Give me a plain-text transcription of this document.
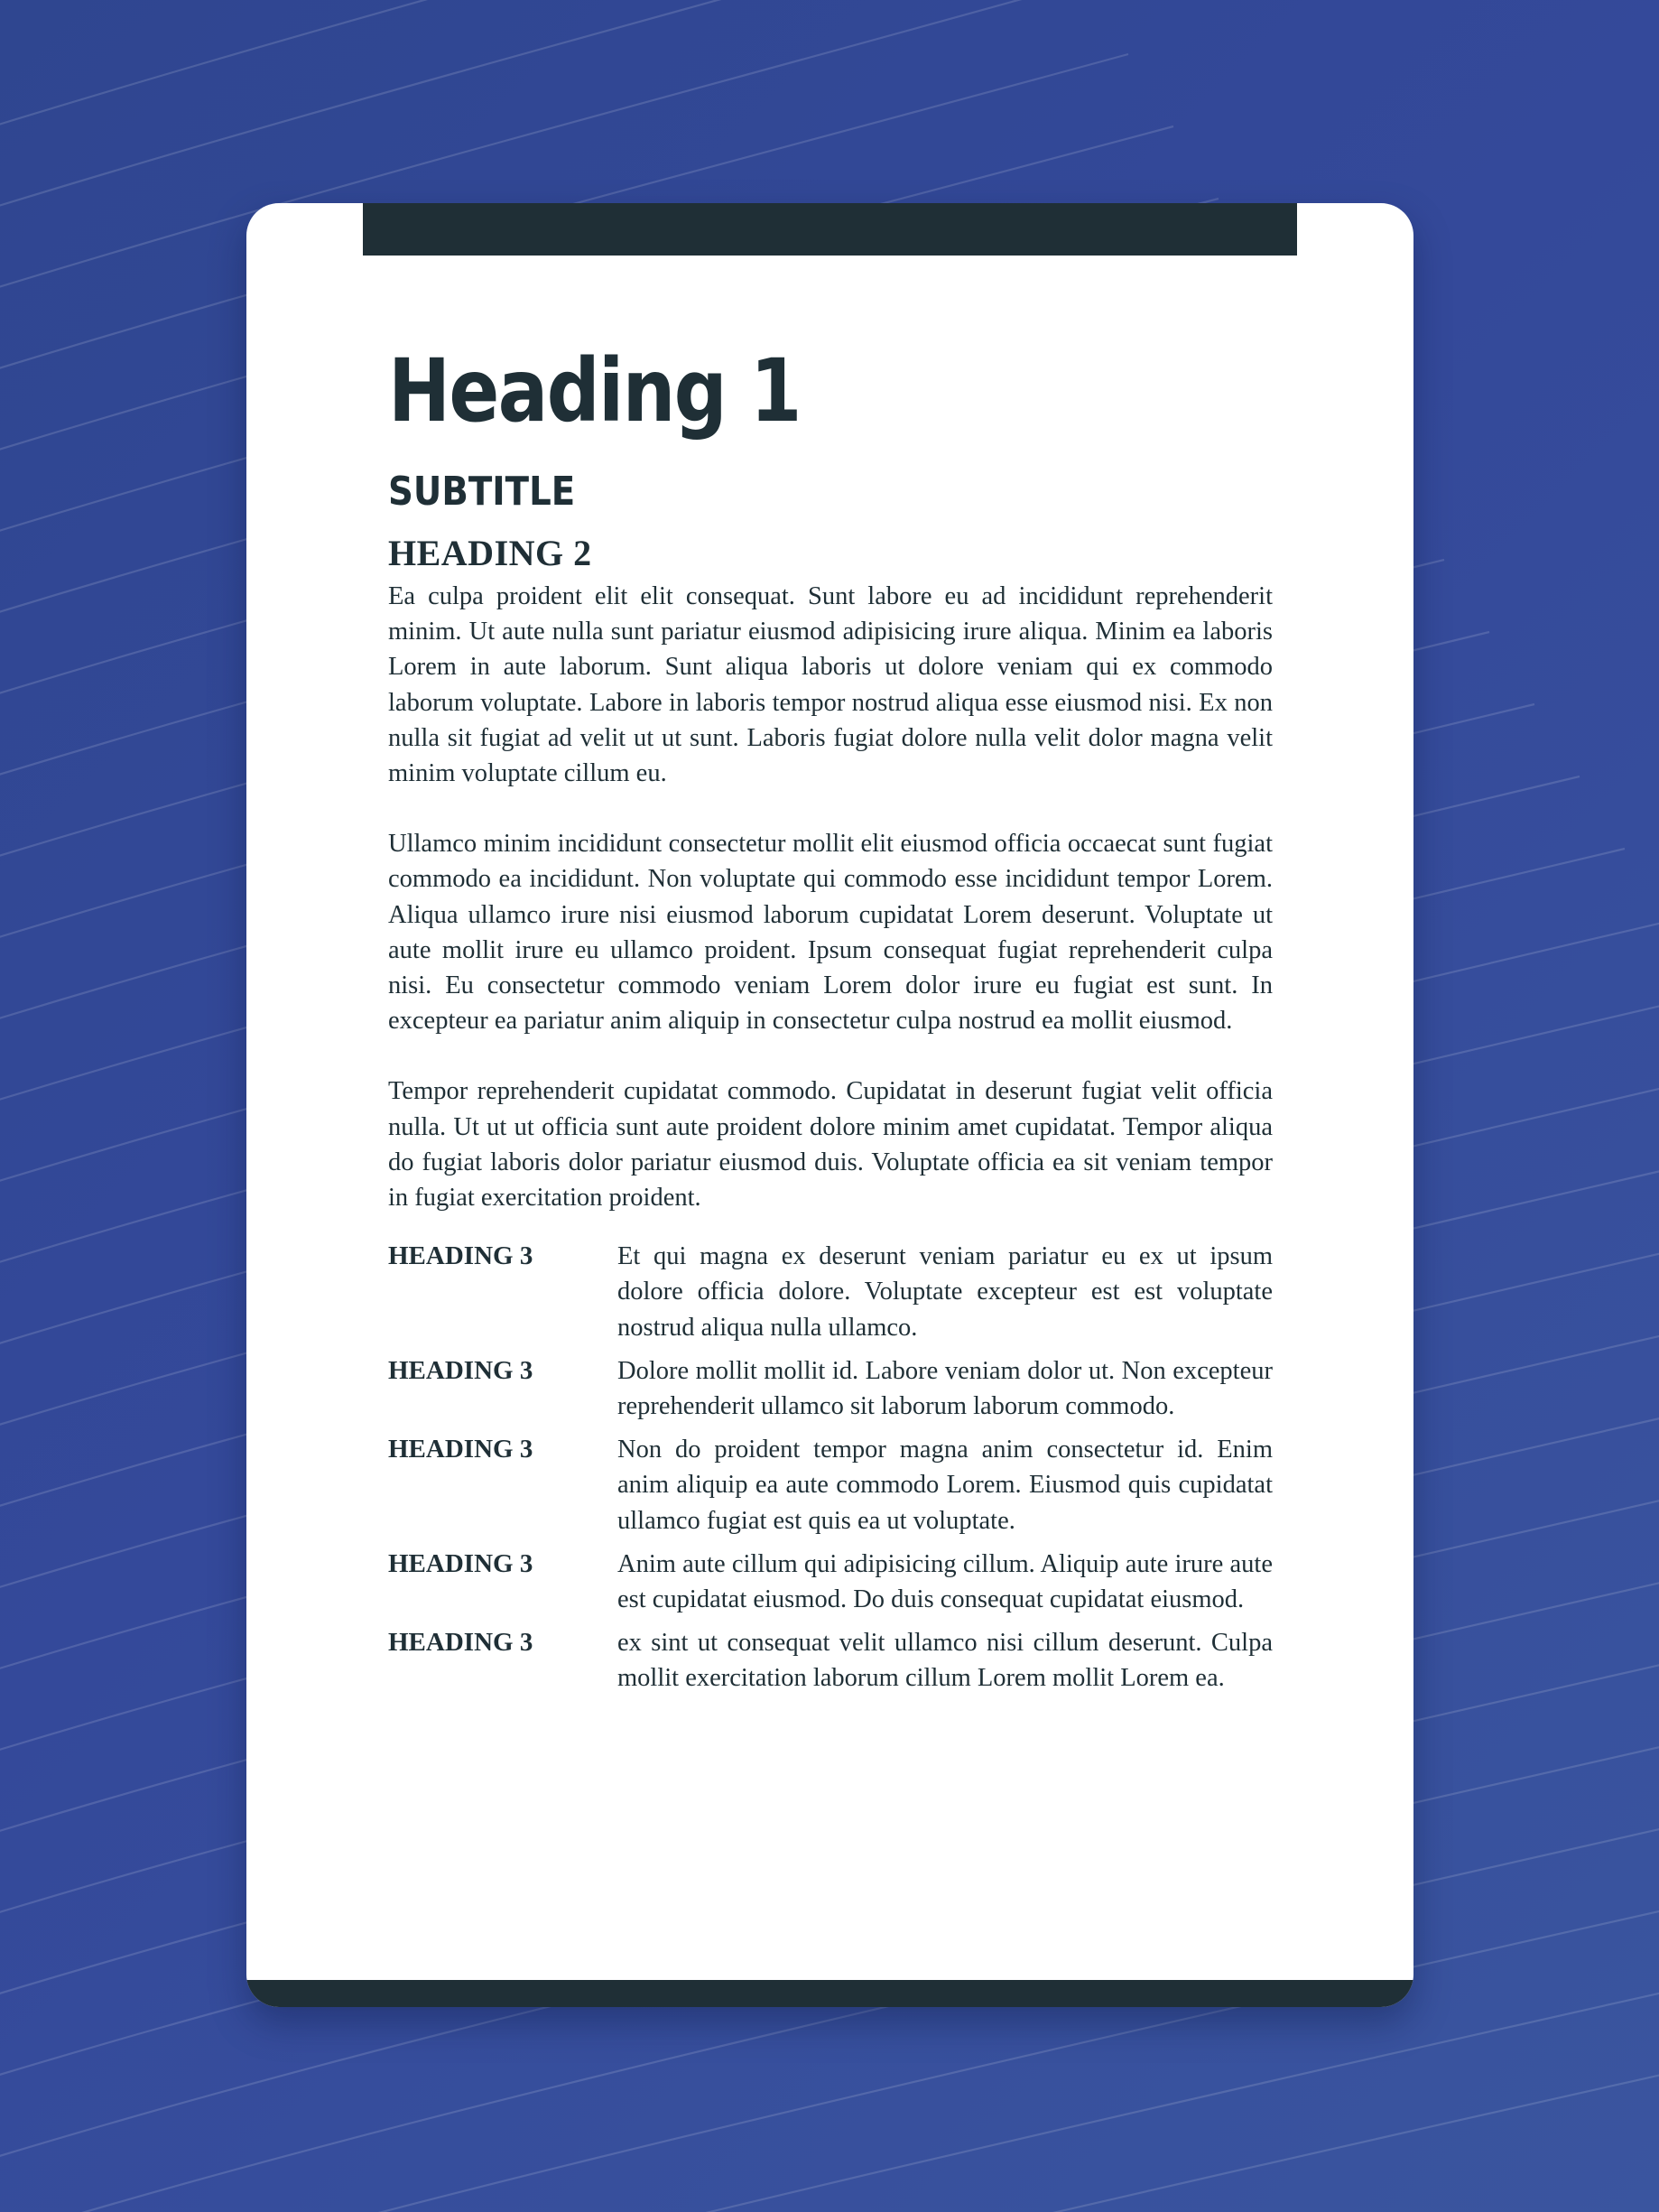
Heading 1
SUBTITLE
HEADING 2

Ea culpa proident elit elit consequat. Sunt labore eu ad incididunt reprehenderit minim. Ut aute nulla sunt pariatur eiusmod adipisicing irure aliqua. Minim ea laboris Lorem in aute laborum. Sunt aliqua laboris ut dolore veniam qui ex commodo laborum voluptate. Labore in laboris tempor nostrud aliqua esse eiusmod nisi. Ex non nulla sit fugiat ad velit ut ut sunt. Laboris fugiat dolore nulla velit dolor magna velit minim voluptate cillum eu.

Ullamco minim incididunt consectetur mollit elit eiusmod officia occaecat sunt fugiat commodo ea incididunt. Non voluptate qui commodo esse incididunt tempor Lorem. Aliqua ullamco irure nisi eiusmod laborum cupidatat Lorem deserunt. Voluptate ut aute mollit irure eu ullamco proident. Ipsum consequat fugiat reprehenderit culpa nisi. Eu consectetur commodo veniam Lorem dolor irure eu fugiat est sunt. In excepteur ea pariatur anim aliquip in consectetur culpa nostrud ea mollit eiusmod.

Tempor reprehenderit cupidatat commodo. Cupidatat in deserunt fugiat velit officia nulla. Ut ut ut officia sunt aute proident dolore minim amet cupidatat. Tempor aliqua do fugiat laboris dolor pariatur eiusmod duis. Voluptate officia ea sit veniam tempor in fugiat exercitation proident.

HEADING 3	Et qui magna ex deserunt veniam pariatur eu ex ut ipsum dolore officia dolore. Voluptate excepteur est est voluptate nostrud aliqua nulla ullamco.
HEADING 3	Dolore mollit mollit id. Labore veniam dolor ut. Non excepteur reprehenderit ullamco sit laborum laborum commodo.
HEADING 3	Non do proident tempor magna anim consectetur id. Enim anim aliquip ea aute commodo Lorem. Eiusmod quis cupidatat ullamco fugiat est quis ea ut voluptate.
HEADING 3	Anim aute cillum qui adipisicing cillum. Aliquip aute irure aute est cupidatat eiusmod. Do duis consequat cupidatat eiusmod.
HEADING 3	ex sint ut consequat velit ullamco nisi cillum deserunt. Culpa mollit exercitation laborum cillum Lorem mollit Lorem ea.
